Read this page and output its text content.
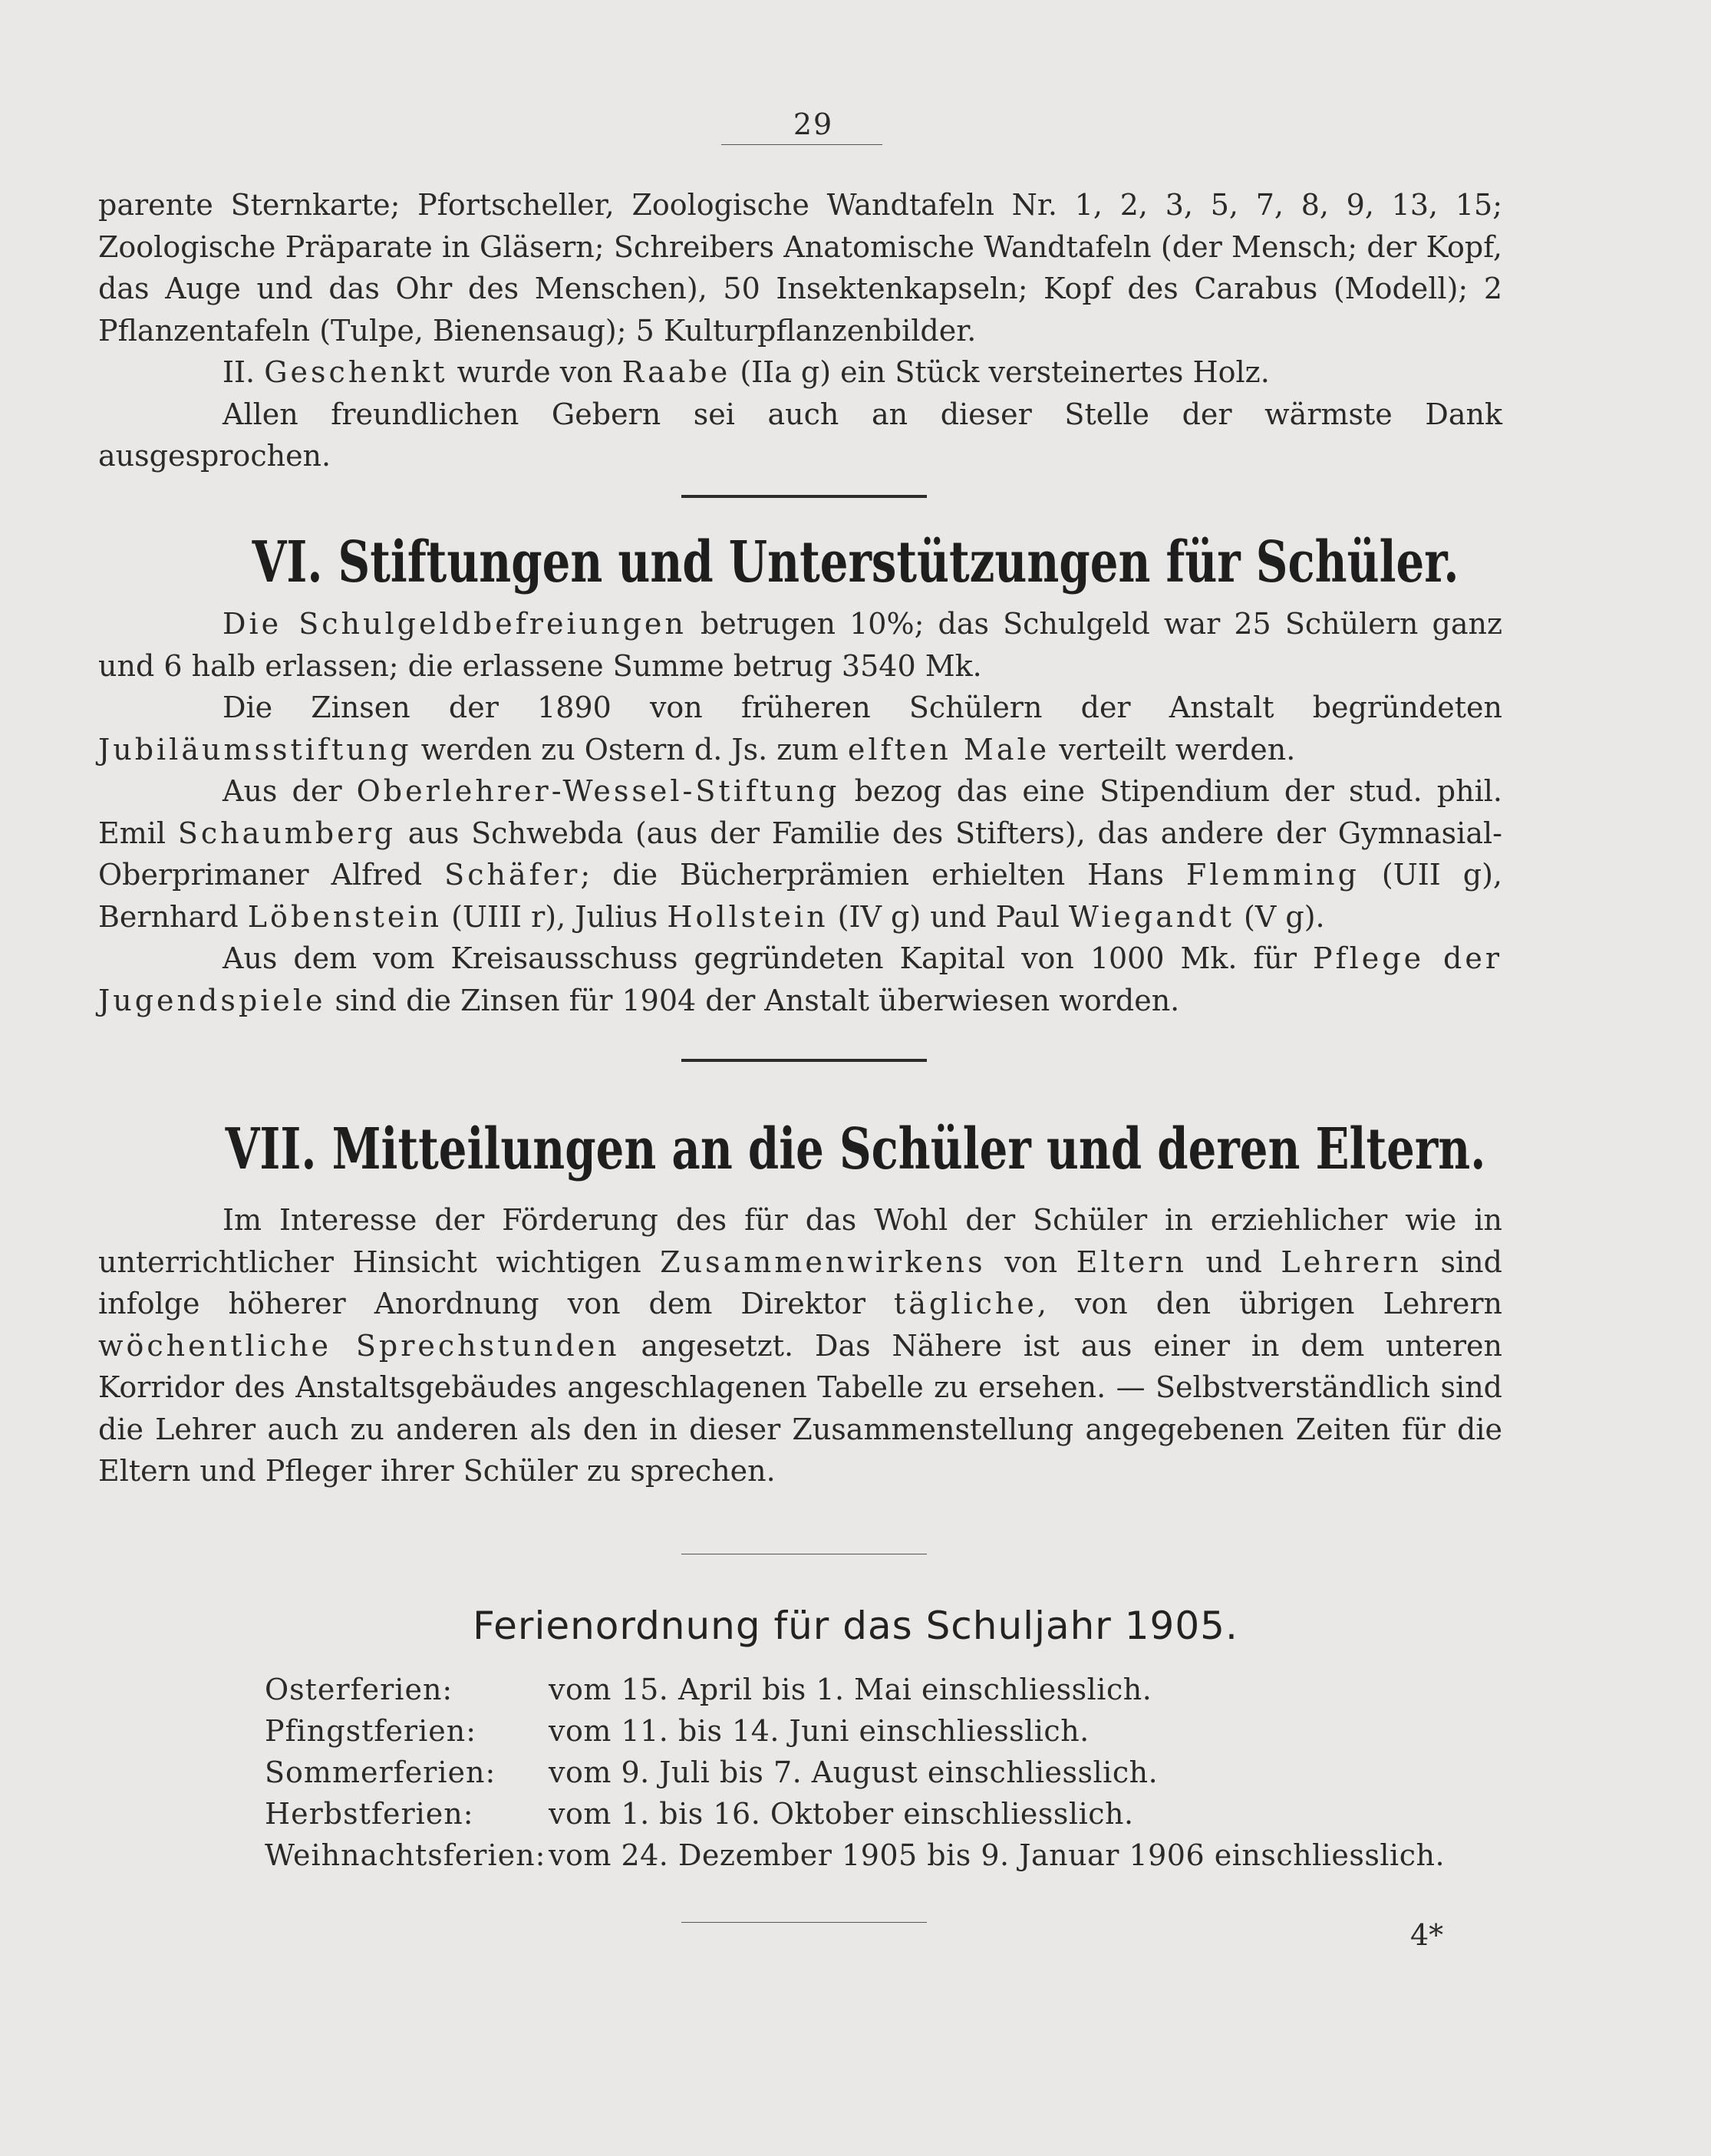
29

parente Sternkarte; Pfortscheller, Zoologische Wandtafeln Nr. 1, 2, 3, 5, 7, 8, 9, 13, 15; Zoologische Präparate in Gläsern; Schreibers Anatomische Wandtafeln (der Mensch; der Kopf, das Auge und das Ohr des Menschen), 50 Insektenkapseln; Kopf des Carabus (Modell); 2 Pflanzentafeln (Tulpe, Bienensaug); 5 Kulturpflanzenbilder.

II. Geschenkt wurde von Raabe (IIa g) ein Stück versteinertes Holz.

Allen freundlichen Gebern sei auch an dieser Stelle der wärmste Dank ausgesprochen.

VI. Stiftungen und Unterstützungen für Schüler.

Die Schulgeldbefreiungen betrugen 10%; das Schulgeld war 25 Schülern ganz und 6 halb erlassen; die erlassene Summe betrug 3540 Mk.

Die Zinsen der 1890 von früheren Schülern der Anstalt begründeten Jubiläumsstiftung werden zu Ostern d. Js. zum elften Male verteilt werden.

Aus der Oberlehrer-Wessel-Stiftung bezog das eine Stipendium der stud. phil. Emil Schaumberg aus Schwebda (aus der Familie des Stifters), das andere der Gymnasial-Oberprimaner Alfred Schäfer; die Bücherprämien erhielten Hans Flemming (UII g), Bernhard Löbenstein (UIII r), Julius Hollstein (IV g) und Paul Wiegandt (V g).

Aus dem vom Kreisausschuss gegründeten Kapital von 1000 Mk. für Pflege der Jugendspiele sind die Zinsen für 1904 der Anstalt überwiesen worden.

VII. Mitteilungen an die Schüler und deren Eltern.

Im Interesse der Förderung des für das Wohl der Schüler in erziehlicher wie in unterrichtlicher Hinsicht wichtigen Zusammenwirkens von Eltern und Lehrern sind infolge höherer Anordnung von dem Direktor tägliche, von den übrigen Lehrern wöchentliche Sprechstunden angesetzt. Das Nähere ist aus einer in dem unteren Korridor des Anstaltsgebäudes angeschlagenen Tabelle zu ersehen. — Selbstverständlich sind die Lehrer auch zu anderen als den in dieser Zusammenstellung angegebenen Zeiten für die Eltern und Pfleger ihrer Schüler zu sprechen.

Ferienordnung für das Schuljahr 1905.
Osterferien:	vom 15. April bis 1. Mai einschliesslich.
Pfingstferien:	vom 11. bis 14. Juni einschliesslich.
Sommerferien:	vom 9. Juli bis 7. August einschliesslich.
Herbstferien:	vom 1. bis 16. Oktober einschliesslich.
Weihnachtsferien: vom 24. Dezember 1905 bis 9. Januar 1906 einschliesslich.
4*
